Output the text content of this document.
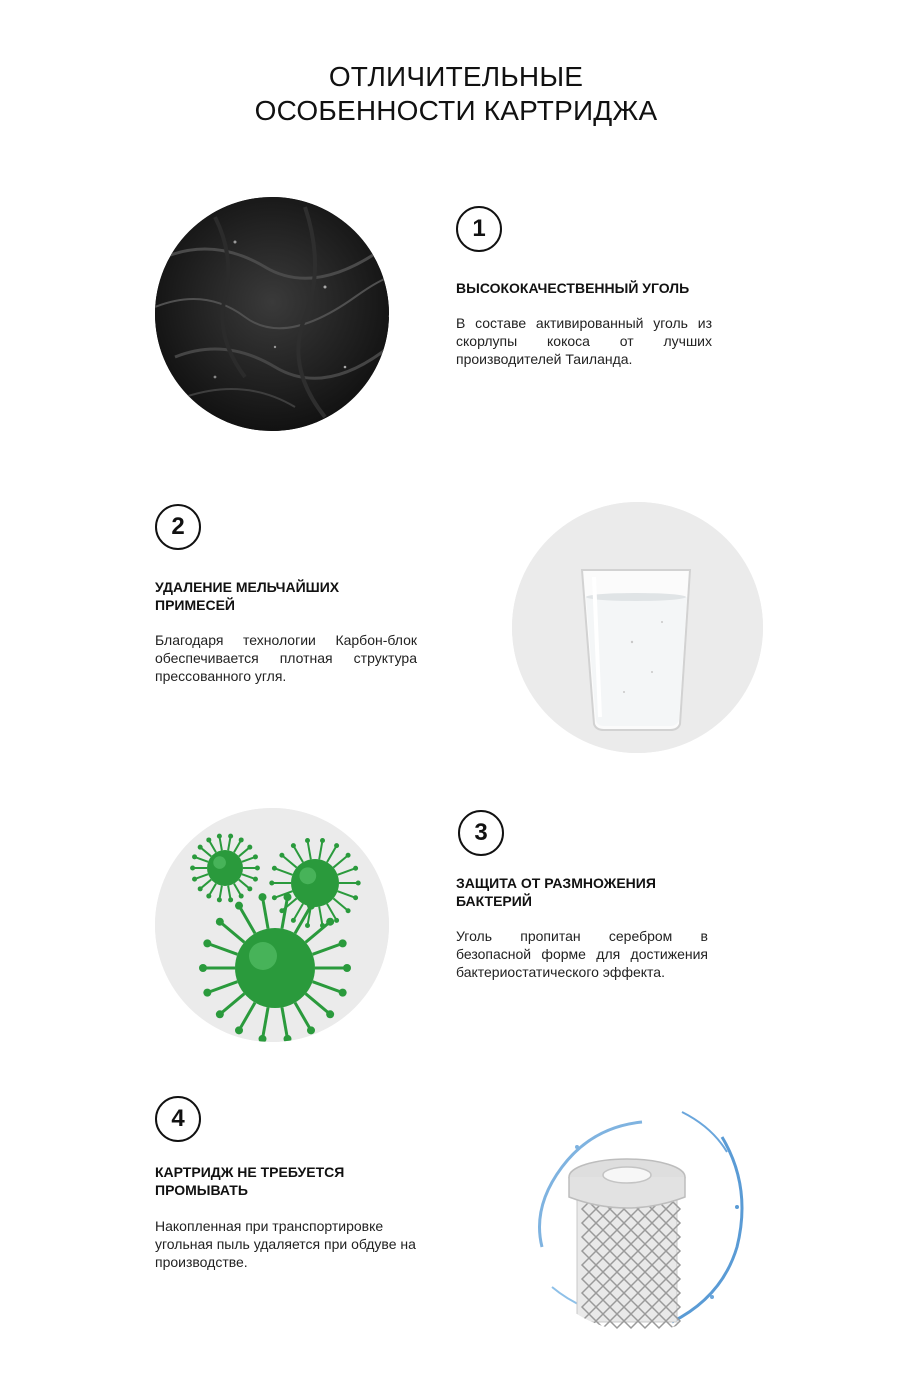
ОТЛИЧИТЕЛЬНЫЕ
ОСОБЕННОСТИ КАРТРИДЖА
1
ВЫСОКОКАЧЕСТВЕННЫЙ УГОЛЬ
В составе активированный уголь из скорлупы кокоса от лучших производителей Таиланда.
2
УДАЛЕНИЕ МЕЛЬЧАЙШИХ ПРИМЕСЕЙ
Благодаря технологии Карбон-блок обеспечивается плотная структура прессованного угля.
3
ЗАЩИТА ОТ РАЗМНОЖЕНИЯ БАКТЕРИЙ
Уголь пропитан серебром в безопасной форме для достижения бактериостатического эффекта.
4
КАРТРИДЖ НЕ ТРЕБУЕТСЯ ПРОМЫВАТЬ
Накопленная при транспортировке угольная пыль удаляется при обдуве на производстве.
